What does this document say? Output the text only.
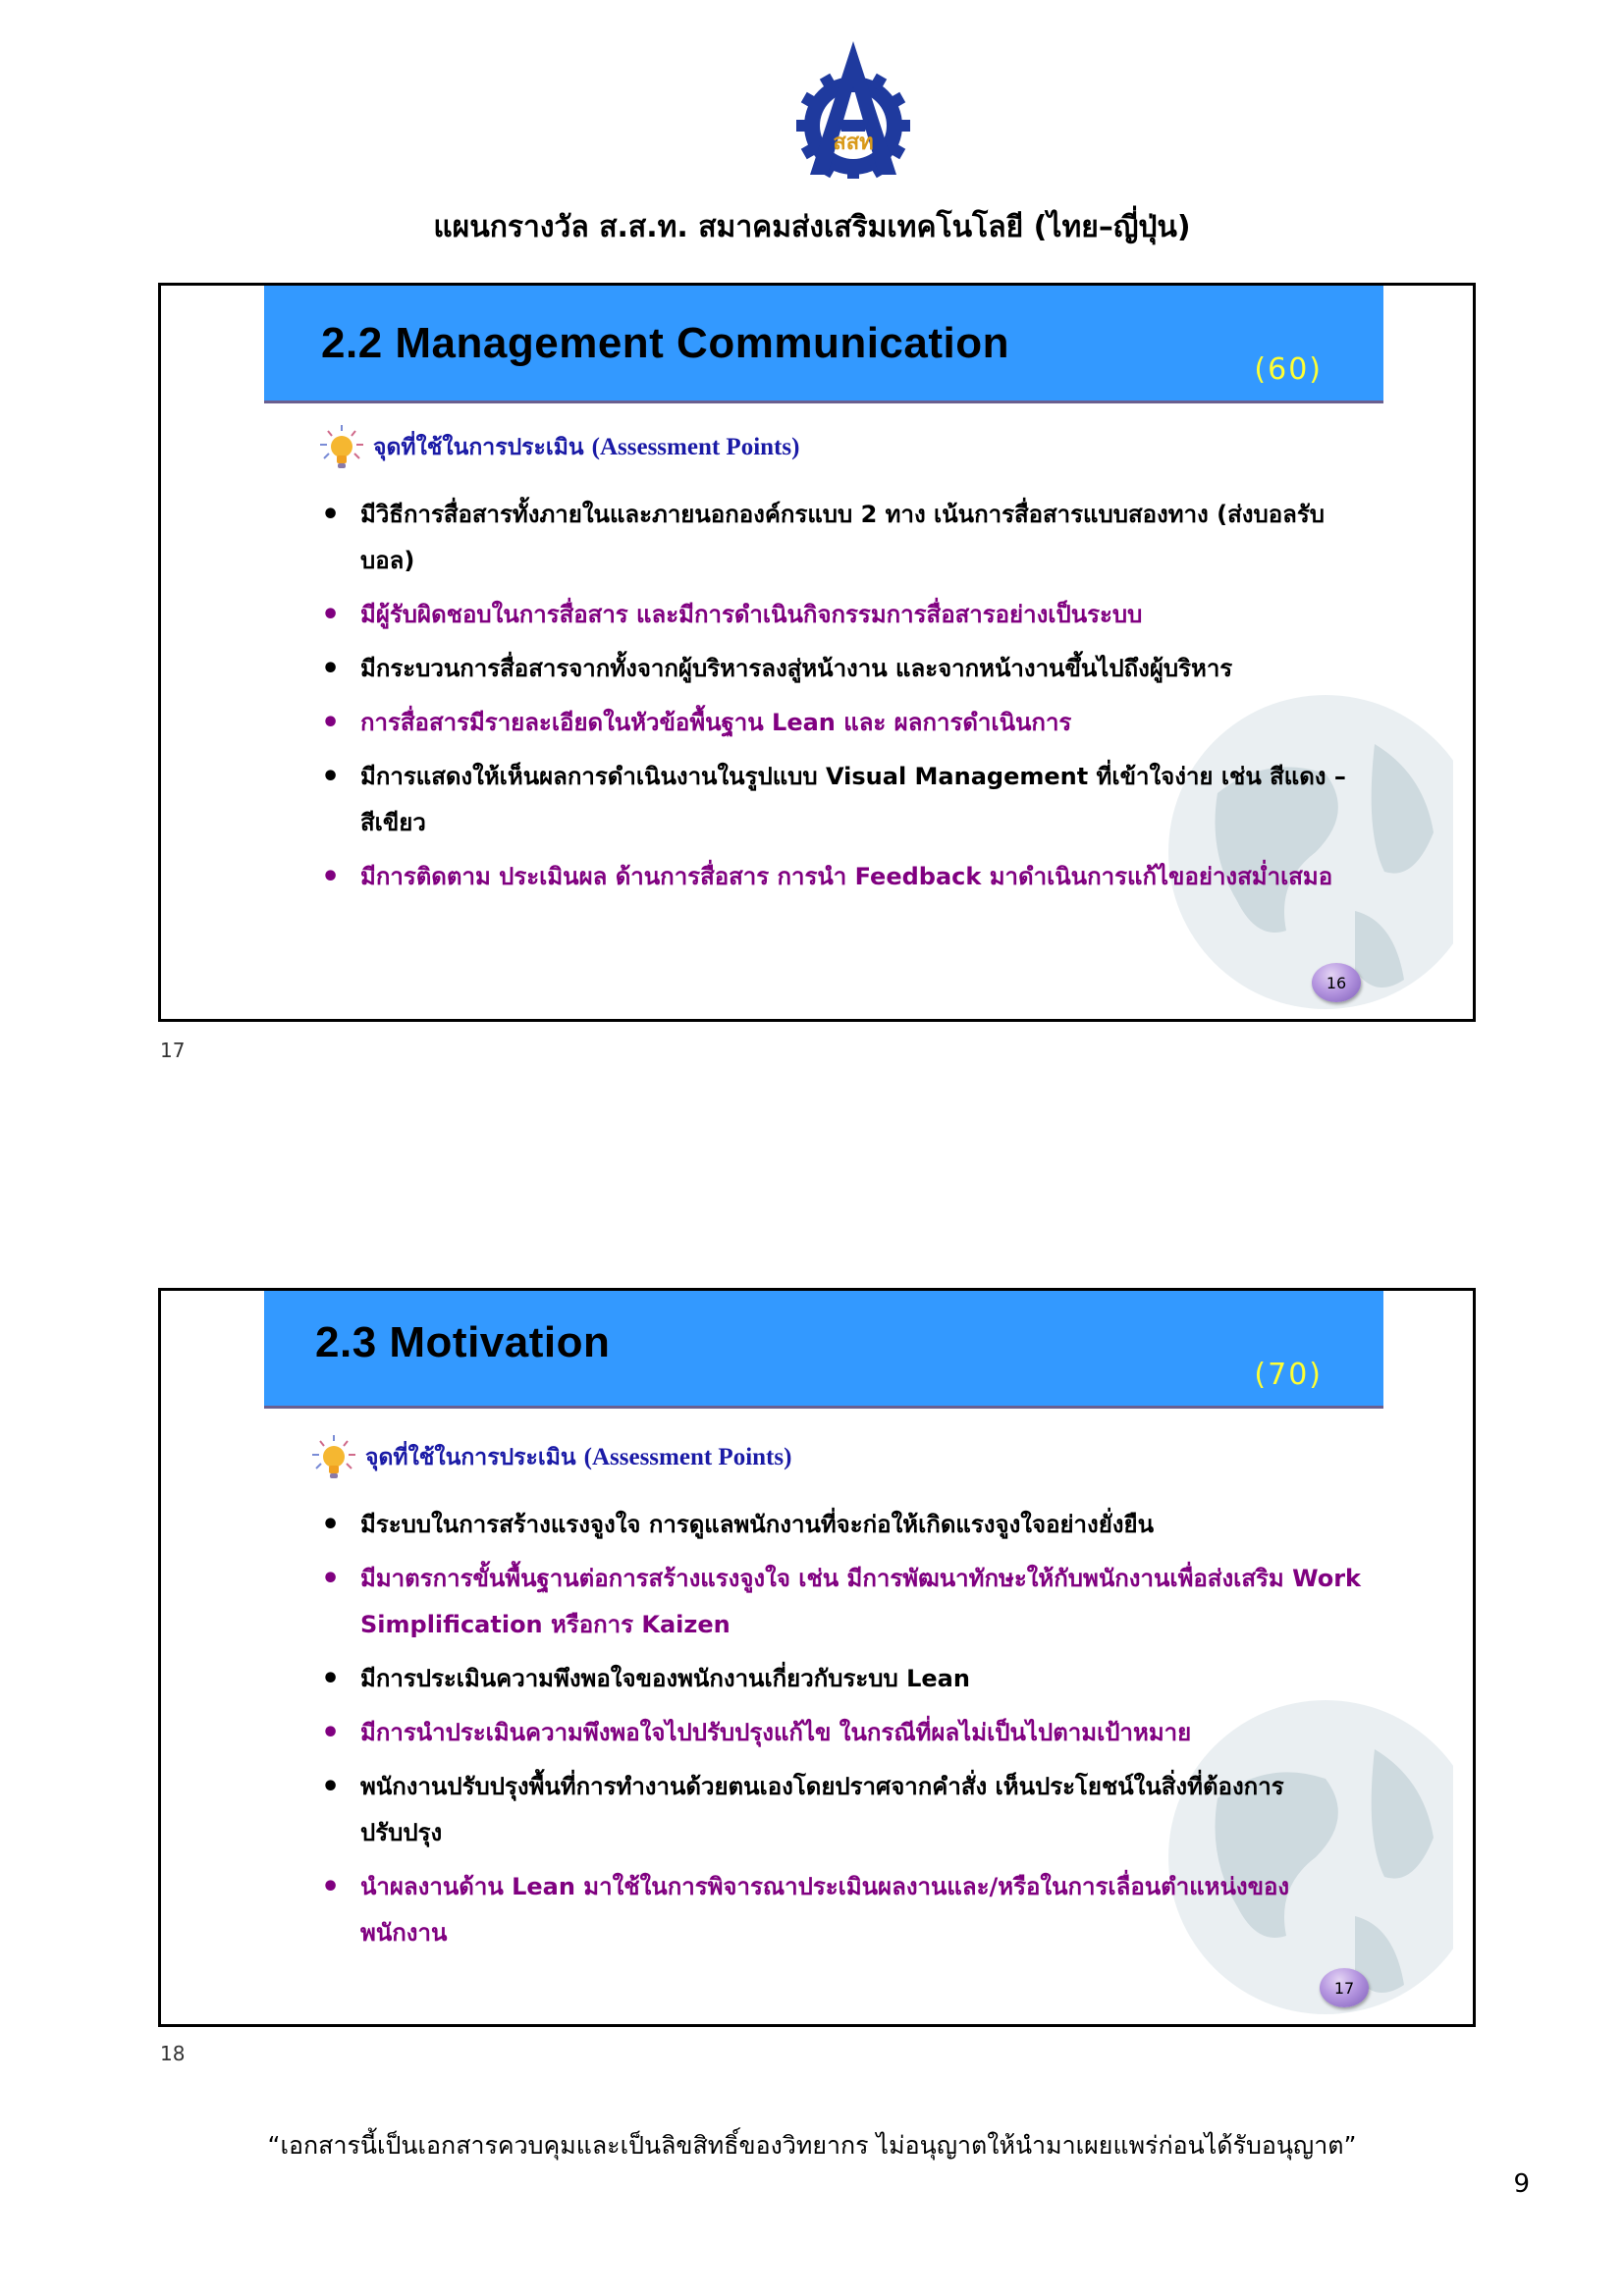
สสท
แผนกรางวัล ส.ส.ท. สมาคมส่งเสริมเทคโนโลยี (ไทย–ญี่ปุ่น)
2.2 Management Communication
(60)
จุดที่ใช้ในการประเมิน (Assessment Points)
• มีวิธีการสื่อสารทั้งภายในและภายนอกองค์กรแบบ 2 ทาง เน้นการสื่อสารแบบสองทาง (ส่งบอลรับบอล)
• มีผู้รับผิดชอบในการสื่อสาร และมีการดำเนินกิจกรรมการสื่อสารอย่างเป็นระบบ
• มีกระบวนการสื่อสารจากทั้งจากผู้บริหารลงสู่หน้างาน และจากหน้างานขึ้นไปถึงผู้บริหาร
• การสื่อสารมีรายละเอียดในหัวข้อพื้นฐาน Lean และ ผลการดำเนินการ
• มีการแสดงให้เห็นผลการดำเนินงานในรูปแบบ Visual Management ที่เข้าใจง่าย เช่น สีแดง – สีเขียว
• มีการติดตาม ประเมินผล ด้านการสื่อสาร การนำ Feedback มาดำเนินการแก้ไขอย่างสม่ำเสมอ
16
17
2.3 Motivation
(70)
จุดที่ใช้ในการประเมิน (Assessment Points)
• มีระบบในการสร้างแรงจูงใจ การดูแลพนักงานที่จะก่อให้เกิดแรงจูงใจอย่างยั่งยืน
• มีมาตรการขั้นพื้นฐานต่อการสร้างแรงจูงใจ เช่น มีการพัฒนาทักษะให้กับพนักงานเพื่อส่งเสริม Work Simplification หรือการ Kaizen
• มีการประเมินความพึงพอใจของพนักงานเกี่ยวกับระบบ Lean
• มีการนำประเมินความพึงพอใจไปปรับปรุงแก้ไข ในกรณีที่ผลไม่เป็นไปตามเป้าหมาย
• พนักงานปรับปรุงพื้นที่การทำงานด้วยตนเองโดยปราศจากคำสั่ง เห็นประโยชน์ในสิ่งที่ต้องการปรับปรุง
• นำผลงานด้าน Lean มาใช้ในการพิจารณาประเมินผลงานและ/หรือในการเลื่อนตำแหน่งของพนักงาน
17
18
“เอกสารนี้เป็นเอกสารควบคุมและเป็นลิขสิทธิ์ของวิทยากร ไม่อนุญาตให้นำมาเผยแพร่ก่อนได้รับอนุญาต”
9
